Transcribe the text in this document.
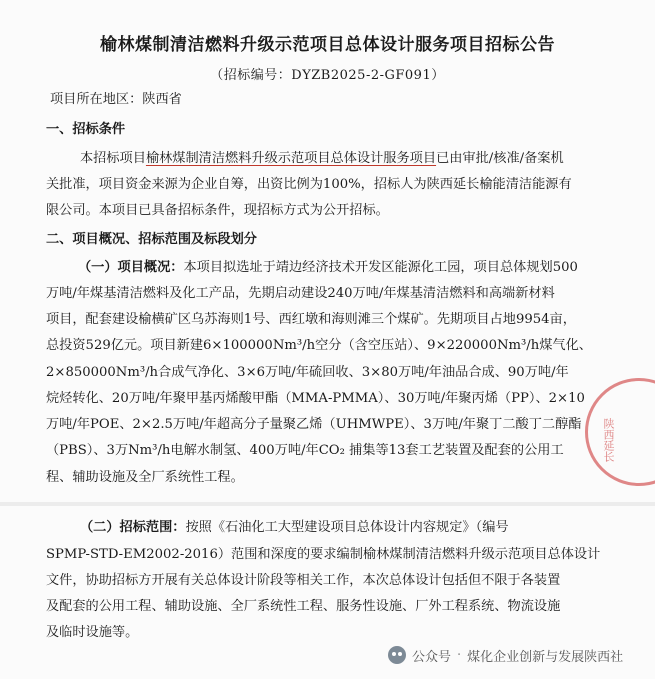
榆林煤制清洁燃料升级示范项目总体设计服务项目招标公告
（招标编号：DYZB2025-2-GF091）
项目所在地区：陕西省
一、招标条件
本招标项目榆林煤制清洁燃料升级示范项目总体设计服务项目已由审批/核准/备案机
关批准，项目资金来源为企业自筹，出资比例为100%，招标人为陕西延长榆能清洁能源有
限公司。本项目已具备招标条件，现招标方式为公开招标。
二、项目概况、招标范围及标段划分
（一）项目概况：本项目拟选址于靖边经济技术开发区能源化工园，项目总体规划500
万吨/年煤基清洁燃料及化工产品，先期启动建设240万吨/年煤基清洁燃料和高端新材料
项目，配套建设榆横矿区乌苏海则1号、西红墩和海则滩三个煤矿。先期项目占地9954亩，
总投资529亿元。项目新建6×100000Nm³/h空分（含空压站）、9×220000Nm³/h煤气化、
2×850000Nm³/h合成气净化、3×6万吨/年硫回收、3×80万吨/年油品合成、90万吨/年
烷烃转化、20万吨/年聚甲基丙烯酸甲酯（MMA-PMMA）、30万吨/年聚丙烯（PP）、2×10
万吨/年POE、2×2.5万吨/年超高分子量聚乙烯（UHMWPE）、3万吨/年聚丁二酸丁二醇酯
（PBS）、3万Nm³/h电解水制氢、400万吨/年CO₂ 捕集等13套工艺装置及配套的公用工
程、辅助设施及全厂系统性工程。
陕西延长
（二）招标范围：按照《石油化工大型建设项目总体设计内容规定》（编号
SPMP-STD-EM2002-2016）范围和深度的要求编制榆林煤制清洁燃料升级示范项目总体设计
文件，协助招标方开展有关总体设计阶段等相关工作，本次总体设计包括但不限于各装置
及配套的公用工程、辅助设施、全厂系统性工程、服务性设施、厂外工程系统、物流设施
及临时设施等。
公众号 · 煤化企业创新与发展陕西社
